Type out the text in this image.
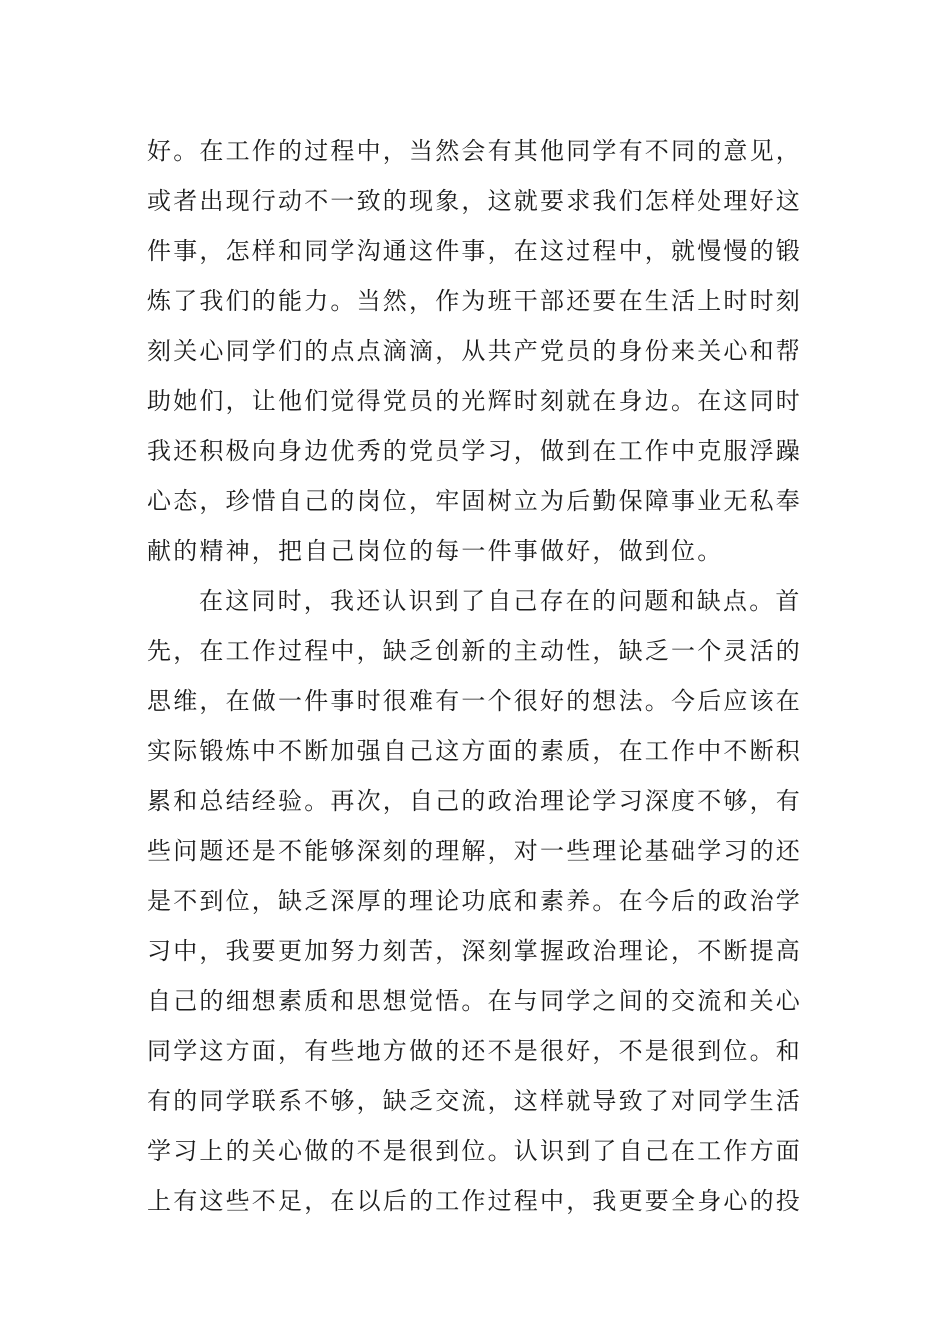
好。在工作的过程中，当然会有其他同学有不同的意见，
或者出现行动不一致的现象，这就要求我们怎样处理好这
件事，怎样和同学沟通这件事，在这过程中，就慢慢的锻
炼了我们的能力。当然，作为班干部还要在生活上时时刻
刻关心同学们的点点滴滴，从共产党员的身份来关心和帮
助她们，让他们觉得党员的光辉时刻就在身边。在这同时
我还积极向身边优秀的党员学习，做到在工作中克服浮躁
心态，珍惜自己的岗位，牢固树立为后勤保障事业无私奉
献的精神，把自己岗位的每一件事做好，做到位。
在这同时，我还认识到了自己存在的问题和缺点。首
先，在工作过程中，缺乏创新的主动性，缺乏一个灵活的
思维，在做一件事时很难有一个很好的想法。今后应该在
实际锻炼中不断加强自己这方面的素质，在工作中不断积
累和总结经验。再次，自己的政治理论学习深度不够，有
些问题还是不能够深刻的理解，对一些理论基础学习的还
是不到位，缺乏深厚的理论功底和素养。在今后的政治学
习中，我要更加努力刻苦，深刻掌握政治理论，不断提高
自己的细想素质和思想觉悟。在与同学之间的交流和关心
同学这方面，有些地方做的还不是很好，不是很到位。和
有的同学联系不够，缺乏交流，这样就导致了对同学生活
学习上的关心做的不是很到位。认识到了自己在工作方面
上有这些不足，在以后的工作过程中，我更要全身心的投
